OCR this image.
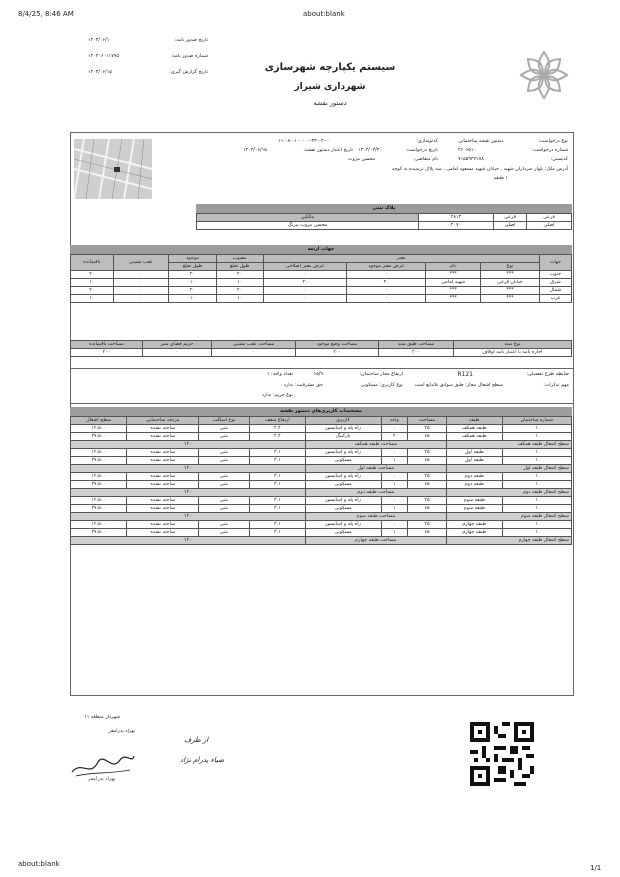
8/4/25, 8:46 AM	about:blank
سیستم یکپارچه شهرسازی
شهرداری شیراز
دستور نقشه
تاریخ صدور نامه:
۱۴۰۳/۰۶/۱۰
شماره صدور نامه:
۱۴۰۳۰۶۰۱۱۷۹۵
تاریخ گزارش گیری:
۱۴۰۳/۰۶/۱۵
نوع درخواست:
دستور نقشه ساختمانی
شماره درخواست:
۴۶۰۶۵۱۰
کدپستی:
۷۱۵۵۹۳۷۱۸۸
کدنوسازی:
۱۱-۰۸-۰۱۰۰۰۰۰-۳۳-۰۴-۰۰
تاریخ درخواست:
۱۴۰۳/۰۳/۳۰
تاریخ اعتبار دستور نقشه:
۱۴۰۴/۰۶/۱۵
نام متقاضی:
محسن مروت
آدرس ملک: بلوار سرداران شهید ، خیابان شهید مسعود امامی ، سه پلاک نرسیده به کوچه
۱ طبقه
پلاک ثبتی
فرعی	فرعی	۲۸۱۳	مالکین
اصلی	اصلی	۲۰۷۰	محسن مروت پیرنگ
جهات اربعه
جهات	معبر				مصوب	موجود	عقب نشینی	باقیمانده
	نوع	نام	عرض معبر موجود	عرض معبر اصلاحی	طول ضلع	طول ضلع		
جنوب	***	***	۰	۰	۲۰	۲۰	۰	۲۰
شرق	خیابان فرعی	شهید امامی	۲۰	۲۰	۱۰	۱۰	۰	۱۰
شمال	***	***	۰	۰	۲۰	۲۰	۰	۲۰
غرب	***	***	۰	۰	۱۰	۱۰	۰	۱۰
نوع سند	مساحت طبق سند	مساحت وضع موجود	مساحت عقب نشینی	حریم فضای سبز	مساحت باقیمانده
اجاره نامه با اعتبار نامه اوقاف	۲۰۰	۲۰۰	۰	۰	۲۰۰
ضابطه طرح تفصیلی:
R121
ارتفاع مجاز ساختمان:
۱۵/۹
تعداد واحد: ۱
مهم تذکرات:
سطح اشغال مجاز: طبق سوابق بلامانع است
نوع کاربری: مسکونی
حق مشرفیت: ندارد
نوع حریم: ندارد
مشخصات کاربری‌های دستور نقشه
شماره ساختمان	طبقه	مساحت	واحد	کاربری	ارتفاع سقف	نوع اسکلت	مرحله ساختمانی	سطح اشغال
۱	طبقه همکف	۲۵	۰	راه پله و آسانسور	۲.۴	بتنی	ساخته نشده	۱۲.۵۰۰
۱	طبقه همکف	۶۵	۴	پارکینگ	۲.۴	بتنی	ساخته نشده	۴۷.۵۰۰
سطح اشغال طبقه همکف		مساحت طبقه همکف			۱۲۰			
۱	طبقه اول	۲۵	۰	راه پله و آسانسور	۳.۱	بتنی	ساخته نشده	۱۲.۵۰۰
۱	طبقه اول	۶۵	۱	مسکونی	۳.۱	بتنی	ساخته نشده	۴۷.۵۰۰
سطح اشغال طبقه اول		مساحت طبقه اول			۱۲۰			
۱	طبقه دوم	۲۵	۰	راه پله و آسانسور	۳.۱	بتنی	ساخته نشده	۱۲.۵۰۰
۱	طبقه دوم	۶۵	۱	مسکونی	۳.۱	بتنی	ساخته نشده	۴۷.۵۰۰
سطح اشغال طبقه دوم		مساحت طبقه دوم			۱۲۰			
۱	طبقه سوم	۲۵	۰	راه پله و آسانسور	۳.۱	بتنی	ساخته نشده	۱۲.۵۰۰
۱	طبقه سوم	۶۵	۱	مسکونی	۳.۱	بتنی	ساخته نشده	۴۷.۵۰۰
سطح اشغال طبقه سوم		مساحت طبقه سوم			۱۲۰			
۱	طبقه چهارم	۲۵	۰	راه پله و آسانسور	۳.۱	بتنی	ساخته نشده	۱۲.۵۰۰
۱	طبقه چهارم	۶۵	۱	مسکونی	۳.۱	بتنی	ساخته نشده	۴۷.۵۰۰
سطح اشغال طبقه چهارم		مساحت طبقه چهارم			۱۲۰			
شهردار منطقه ۱۱
بهزاد پدرامفر
بهزاد پدرامفر
از طرف
ضیاء پدرام نژاد
about:blank	1/1
